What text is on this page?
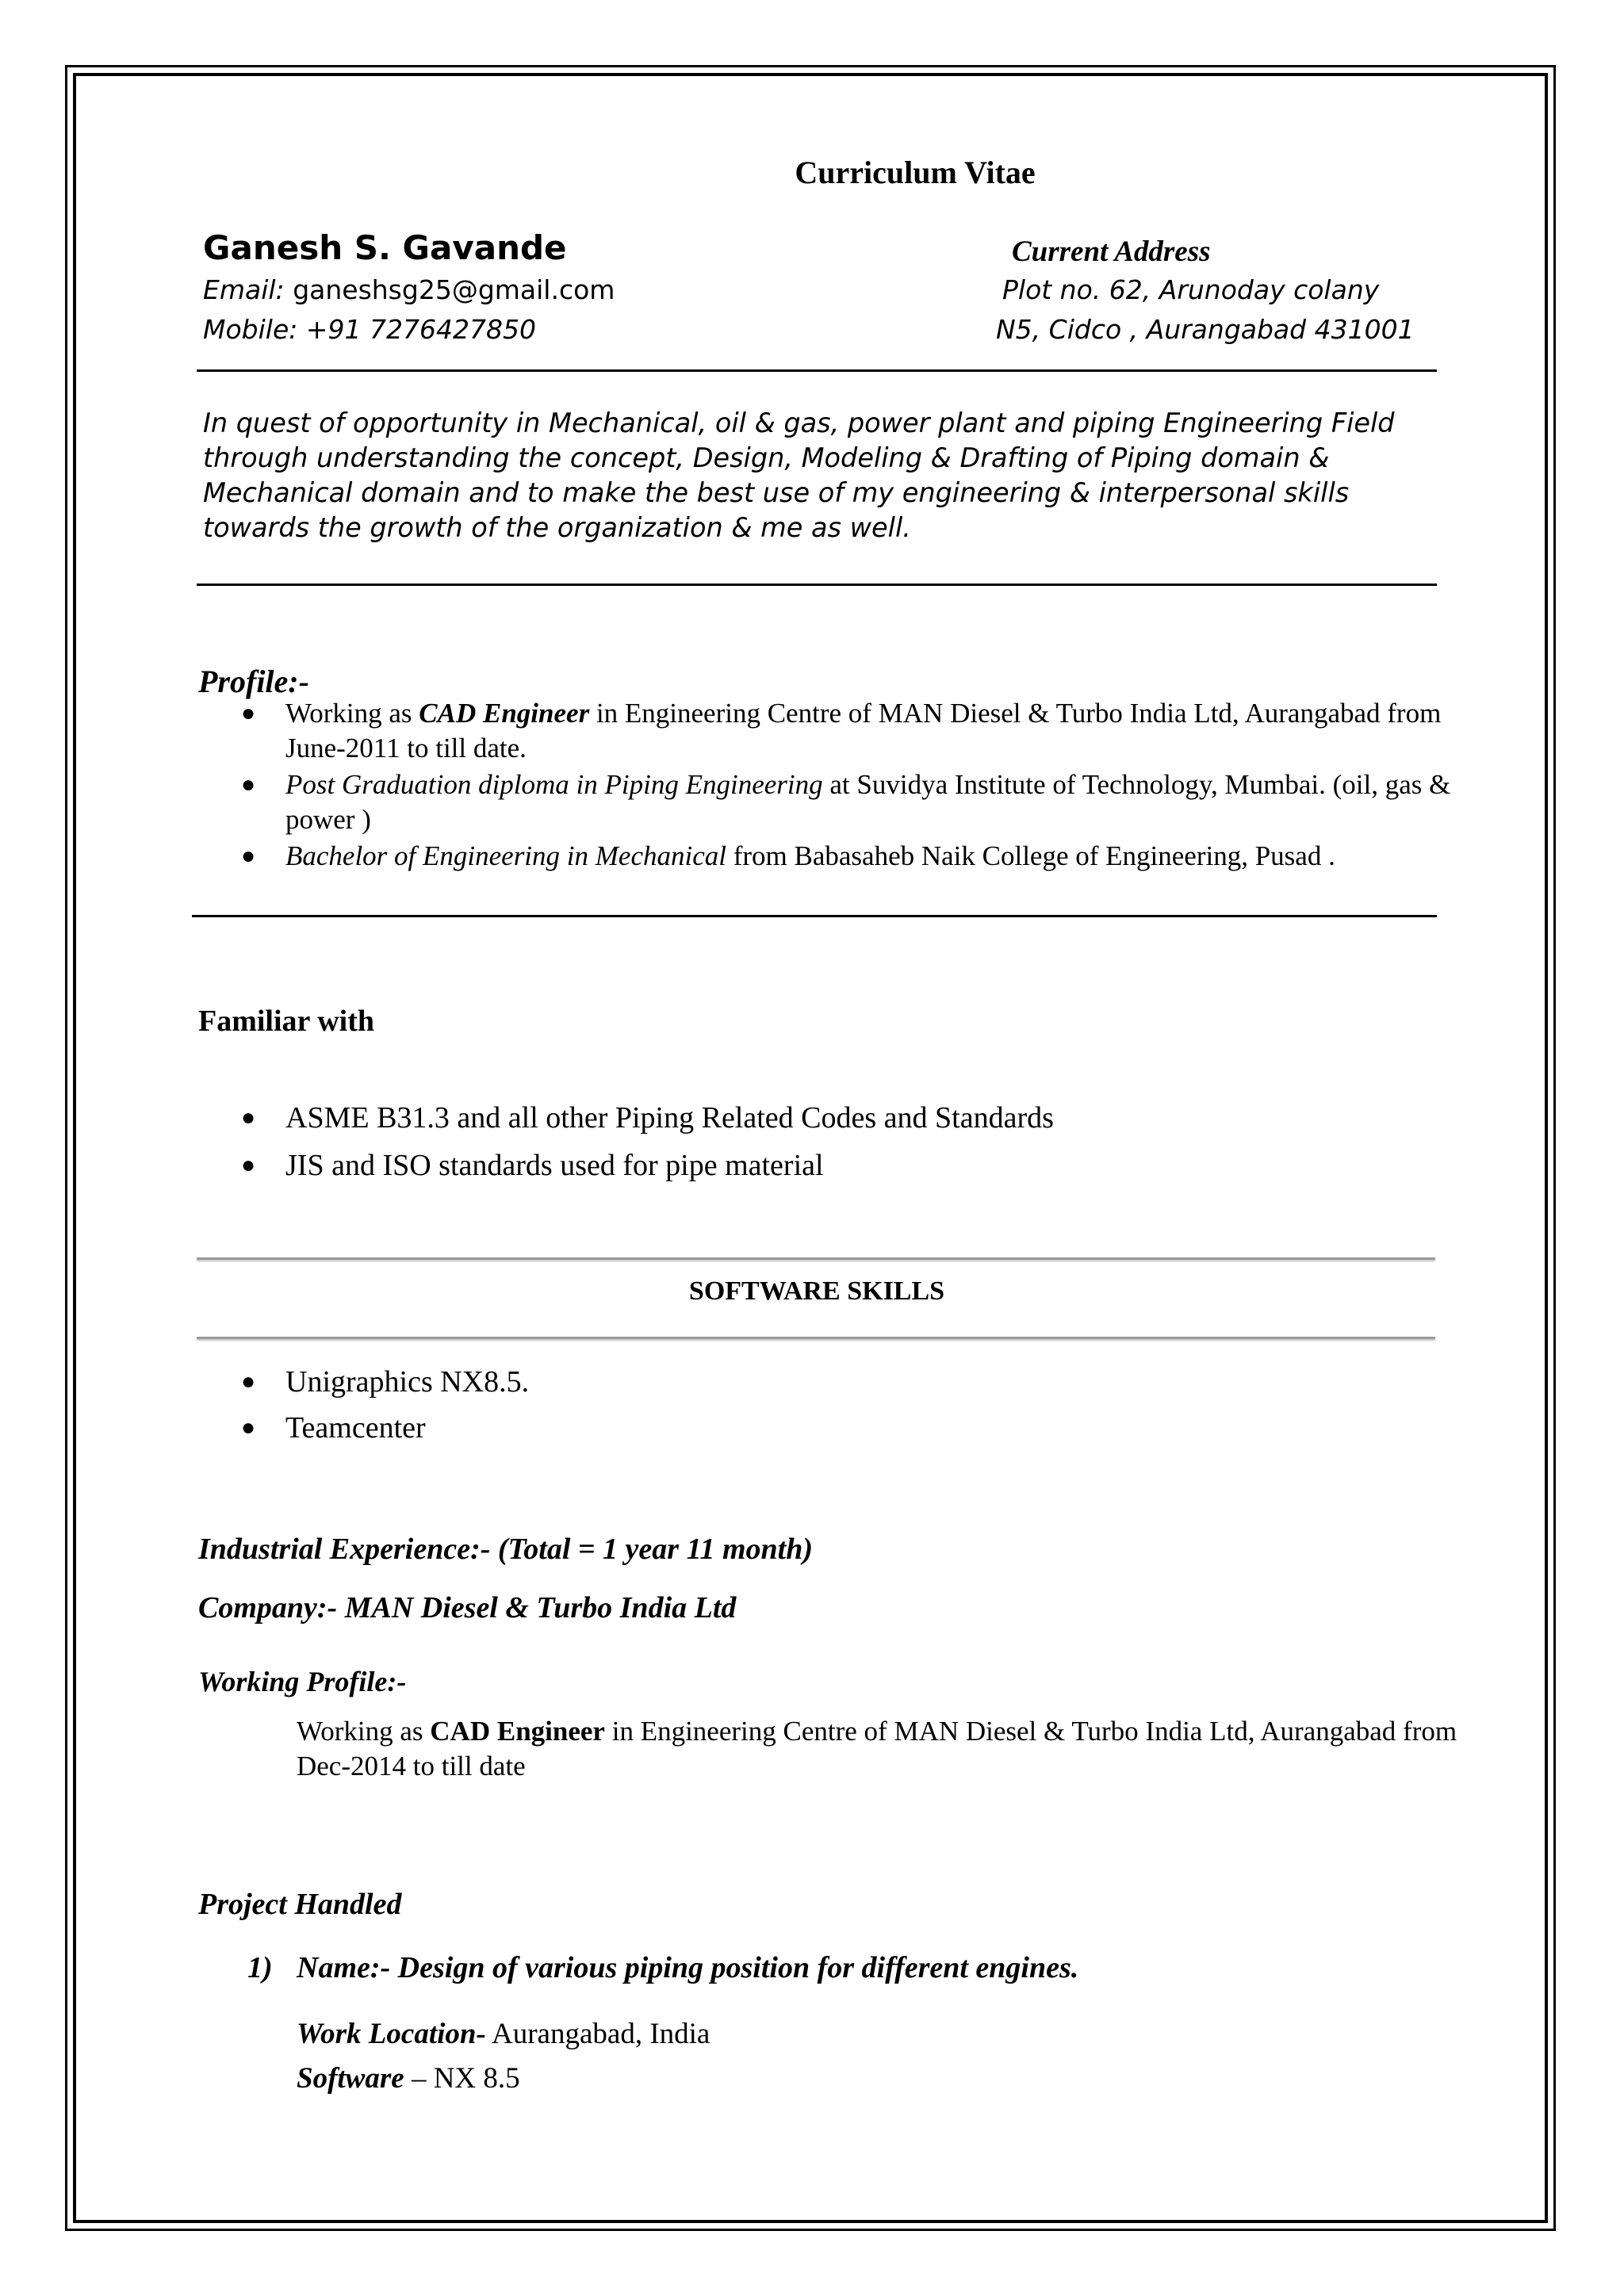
Curriculum Vitae
Ganesh S. Gavande
Email: ganeshsg25@gmail.com
Mobile: +91 7276427850
Current Address
Plot no. 62, Arunoday colany
N5, Cidco , Aurangabad 431001
In quest of opportunity in Mechanical, oil & gas, power plant and piping Engineering Field through understanding the concept, Design, Modeling & Drafting of Piping domain & Mechanical domain and to make the best use of my engineering & interpersonal skills towards the growth of the organization & me as well.
Profile:-
● Working as CAD Engineer in Engineering Centre of MAN Diesel & Turbo India Ltd, Aurangabad from June-2011 to till date.
● Post Graduation diploma in Piping Engineering at Suvidya Institute of Technology, Mumbai. (oil, gas & power )
● Bachelor of Engineering in Mechanical from Babasaheb Naik College of Engineering, Pusad .
Familiar with
● ASME B31.3 and all other Piping Related Codes and Standards
● JIS and ISO standards used for pipe material
SOFTWARE SKILLS
● Unigraphics NX8.5.
● Teamcenter
Industrial Experience:- (Total = 1 year 11 month)
Company:- MAN Diesel & Turbo India Ltd
Working Profile:-
Working as CAD Engineer in Engineering Centre of MAN Diesel & Turbo India Ltd, Aurangabad from Dec-2014 to till date
Project Handled
1) Name:- Design of various piping position for different engines.
Work Location- Aurangabad, India
Software – NX 8.5
